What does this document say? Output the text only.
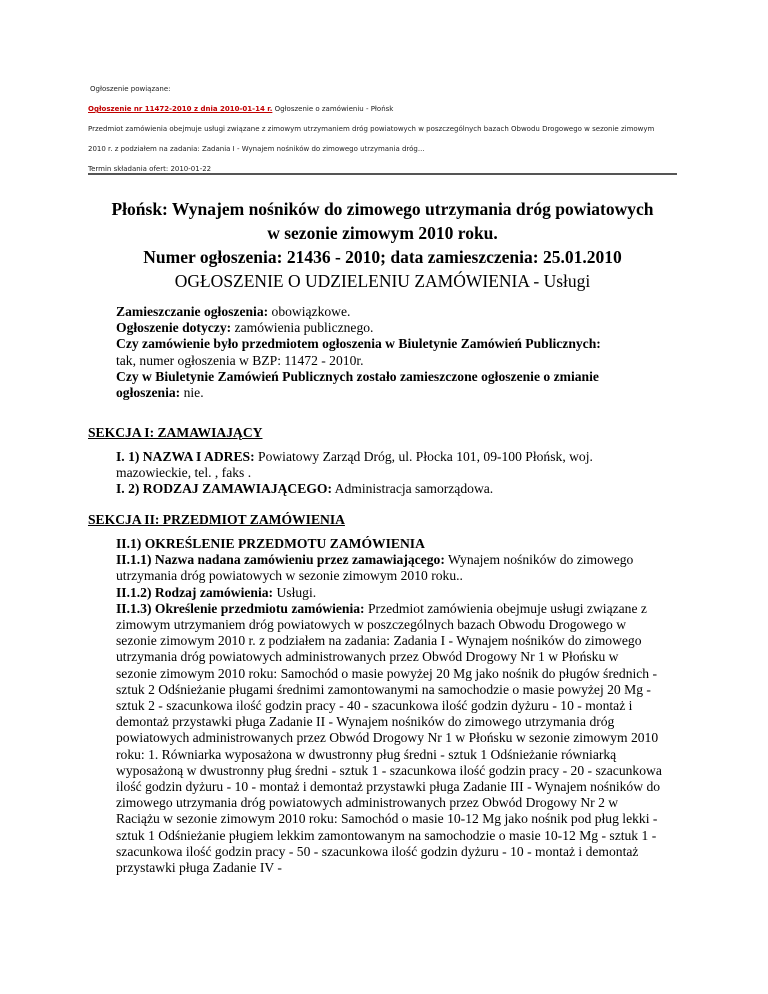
Ogłoszenie powiązane:
Ogłoszenie nr 11472-2010 z dnia 2010-01-14 r. Ogłoszenie o zamówieniu - Płońsk
Przedmiot zamówienia obejmuje usługi związane z zimowym utrzymaniem dróg powiatowych w poszczególnych bazach Obwodu Drogowego w sezonie zimowym
2010 r. z podziałem na zadania: Zadania I - Wynajem nośników do zimowego utrzymania dróg...
Termin składania ofert: 2010-01-22
Płońsk: Wynajem nośników do zimowego utrzymania dróg powiatowych
w sezonie zimowym 2010 roku.
Numer ogłoszenia: 21436 - 2010; data zamieszczenia: 25.01.2010
OGŁOSZENIE O UDZIELENIU ZAMÓWIENIA - Usługi
Zamieszczanie ogłoszenia: obowiązkowe.
Ogłoszenie dotyczy: zamówienia publicznego.
Czy zamówienie było przedmiotem ogłoszenia w Biuletynie Zamówień Publicznych:
tak, numer ogłoszenia w BZP: 11472 - 2010r.
Czy w Biuletynie Zamówień Publicznych zostało zamieszczone ogłoszenie o zmianie ogłoszenia: nie.
SEKCJA I: ZAMAWIAJĄCY
I. 1) NAZWA I ADRES: Powiatowy Zarząd Dróg, ul. Płocka 101, 09-100 Płońsk, woj. mazowieckie, tel. , faks .
I. 2) RODZAJ ZAMAWIAJĄCEGO: Administracja samorządowa.
SEKCJA II: PRZEDMIOT ZAMÓWIENIA
II.1) OKREŚLENIE PRZEDMOTU ZAMÓWIENIA
II.1.1) Nazwa nadana zamówieniu przez zamawiającego: Wynajem nośników do zimowego utrzymania dróg powiatowych w sezonie zimowym 2010 roku..
II.1.2) Rodzaj zamówienia: Usługi.
II.1.3) Określenie przedmiotu zamówienia: Przedmiot zamówienia obejmuje usługi związane z zimowym utrzymaniem dróg powiatowych w poszczególnych bazach Obwodu Drogowego w sezonie zimowym 2010 r. z podziałem na zadania: Zadania I - Wynajem nośników do zimowego utrzymania dróg powiatowych administrowanych przez Obwód Drogowy Nr 1 w Płońsku w sezonie zimowym 2010 roku: Samochód o masie powyżej 20 Mg jako nośnik do pługów średnich - sztuk 2 Odśnieżanie pługami średnimi zamontowanymi na samochodzie o masie powyżej 20 Mg - sztuk 2 - szacunkowa ilość godzin pracy - 40 - szacunkowa ilość godzin dyżuru - 10 - montaż i demontaż przystawki pługa Zadanie II - Wynajem nośników do zimowego utrzymania dróg powiatowych administrowanych przez Obwód Drogowy Nr 1 w Płońsku w sezonie zimowym 2010 roku: 1. Równiarka wyposażona w dwustronny pług średni - sztuk 1 Odśnieżanie równiarką wyposażoną w dwustronny pług średni - sztuk 1 - szacunkowa ilość godzin pracy - 20 - szacunkowa ilość godzin dyżuru - 10 - montaż i demontaż przystawki pługa Zadanie III - Wynajem nośników do zimowego utrzymania dróg powiatowych administrowanych przez Obwód Drogowy Nr 2 w Raciążu w sezonie zimowym 2010 roku: Samochód o masie 10-12 Mg jako nośnik pod pług lekki - sztuk 1 Odśnieżanie pługiem lekkim zamontowanym na samochodzie o masie 10-12 Mg - sztuk 1 - szacunkowa ilość godzin pracy - 50 - szacunkowa ilość godzin dyżuru - 10 - montaż i demontaż przystawki pługa Zadanie IV -
